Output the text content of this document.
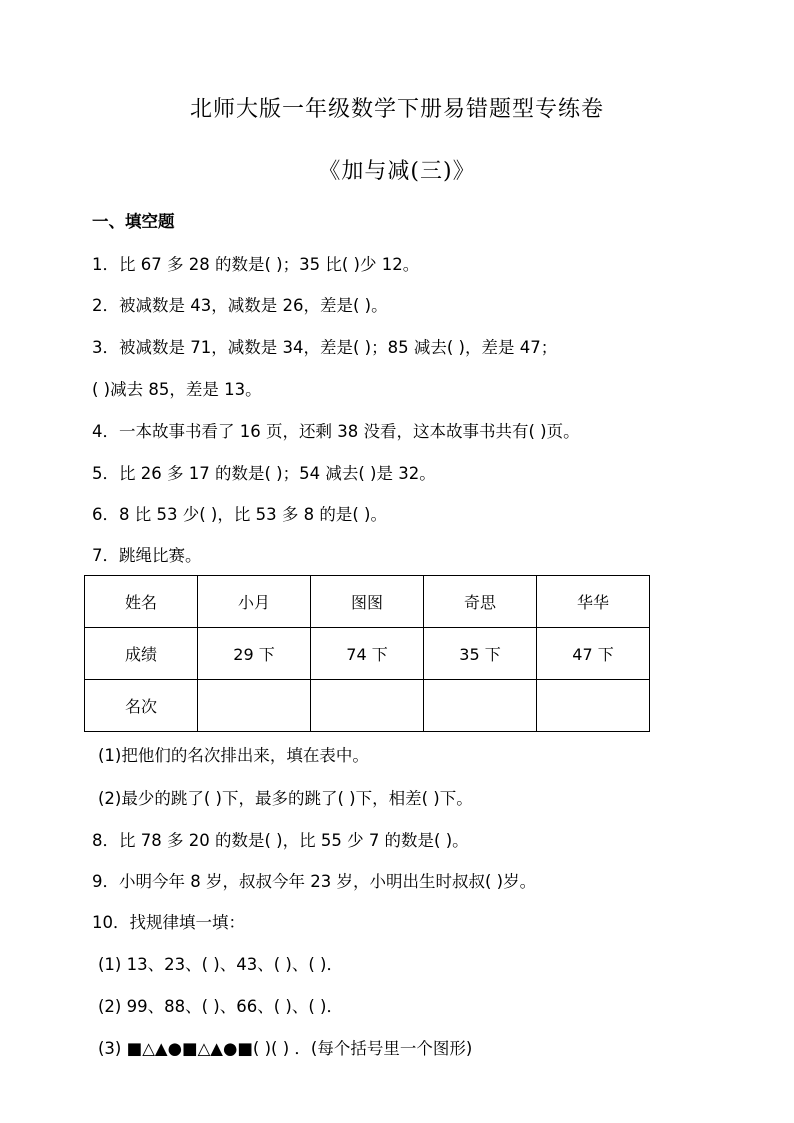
北师大版一年级数学下册易错题型专练卷
《加与减(三)》
一、填空题
1．比 67 多 28 的数是( )；35 比( )少 12。
2．被减数是 43，减数是 26，差是( )。
3．被减数是 71，减数是 34，差是( )；85 减去( )，差是 47；
( )减去 85，差是 13。
4．一本故事书看了 16 页，还剩 38 没看，这本故事书共有( )页。
5．比 26 多 17 的数是( )；54 减去( )是 32。
6．8 比 53 少( )，比 53 多 8 的是( )。
7．跳绳比赛。
姓名	小月	图图	奇思	华华
成绩	29 下	74 下	35 下	47 下
名次				
(1)把他们的名次排出来，填在表中。
(2)最少的跳了( )下，最多的跳了( )下，相差( )下。
8．比 78 多 20 的数是( )，比 55 少 7 的数是( )。
9．小明今年 8 岁，叔叔今年 23 岁，小明出生时叔叔( )岁。
10．找规律填一填：
(1) 13、23、( )、43、( )、( )．
(2) 99、88、( )、66、( )、( )．
(3) ■△▲●■△▲●■( )( ) ．(每个括号里一个图形)
